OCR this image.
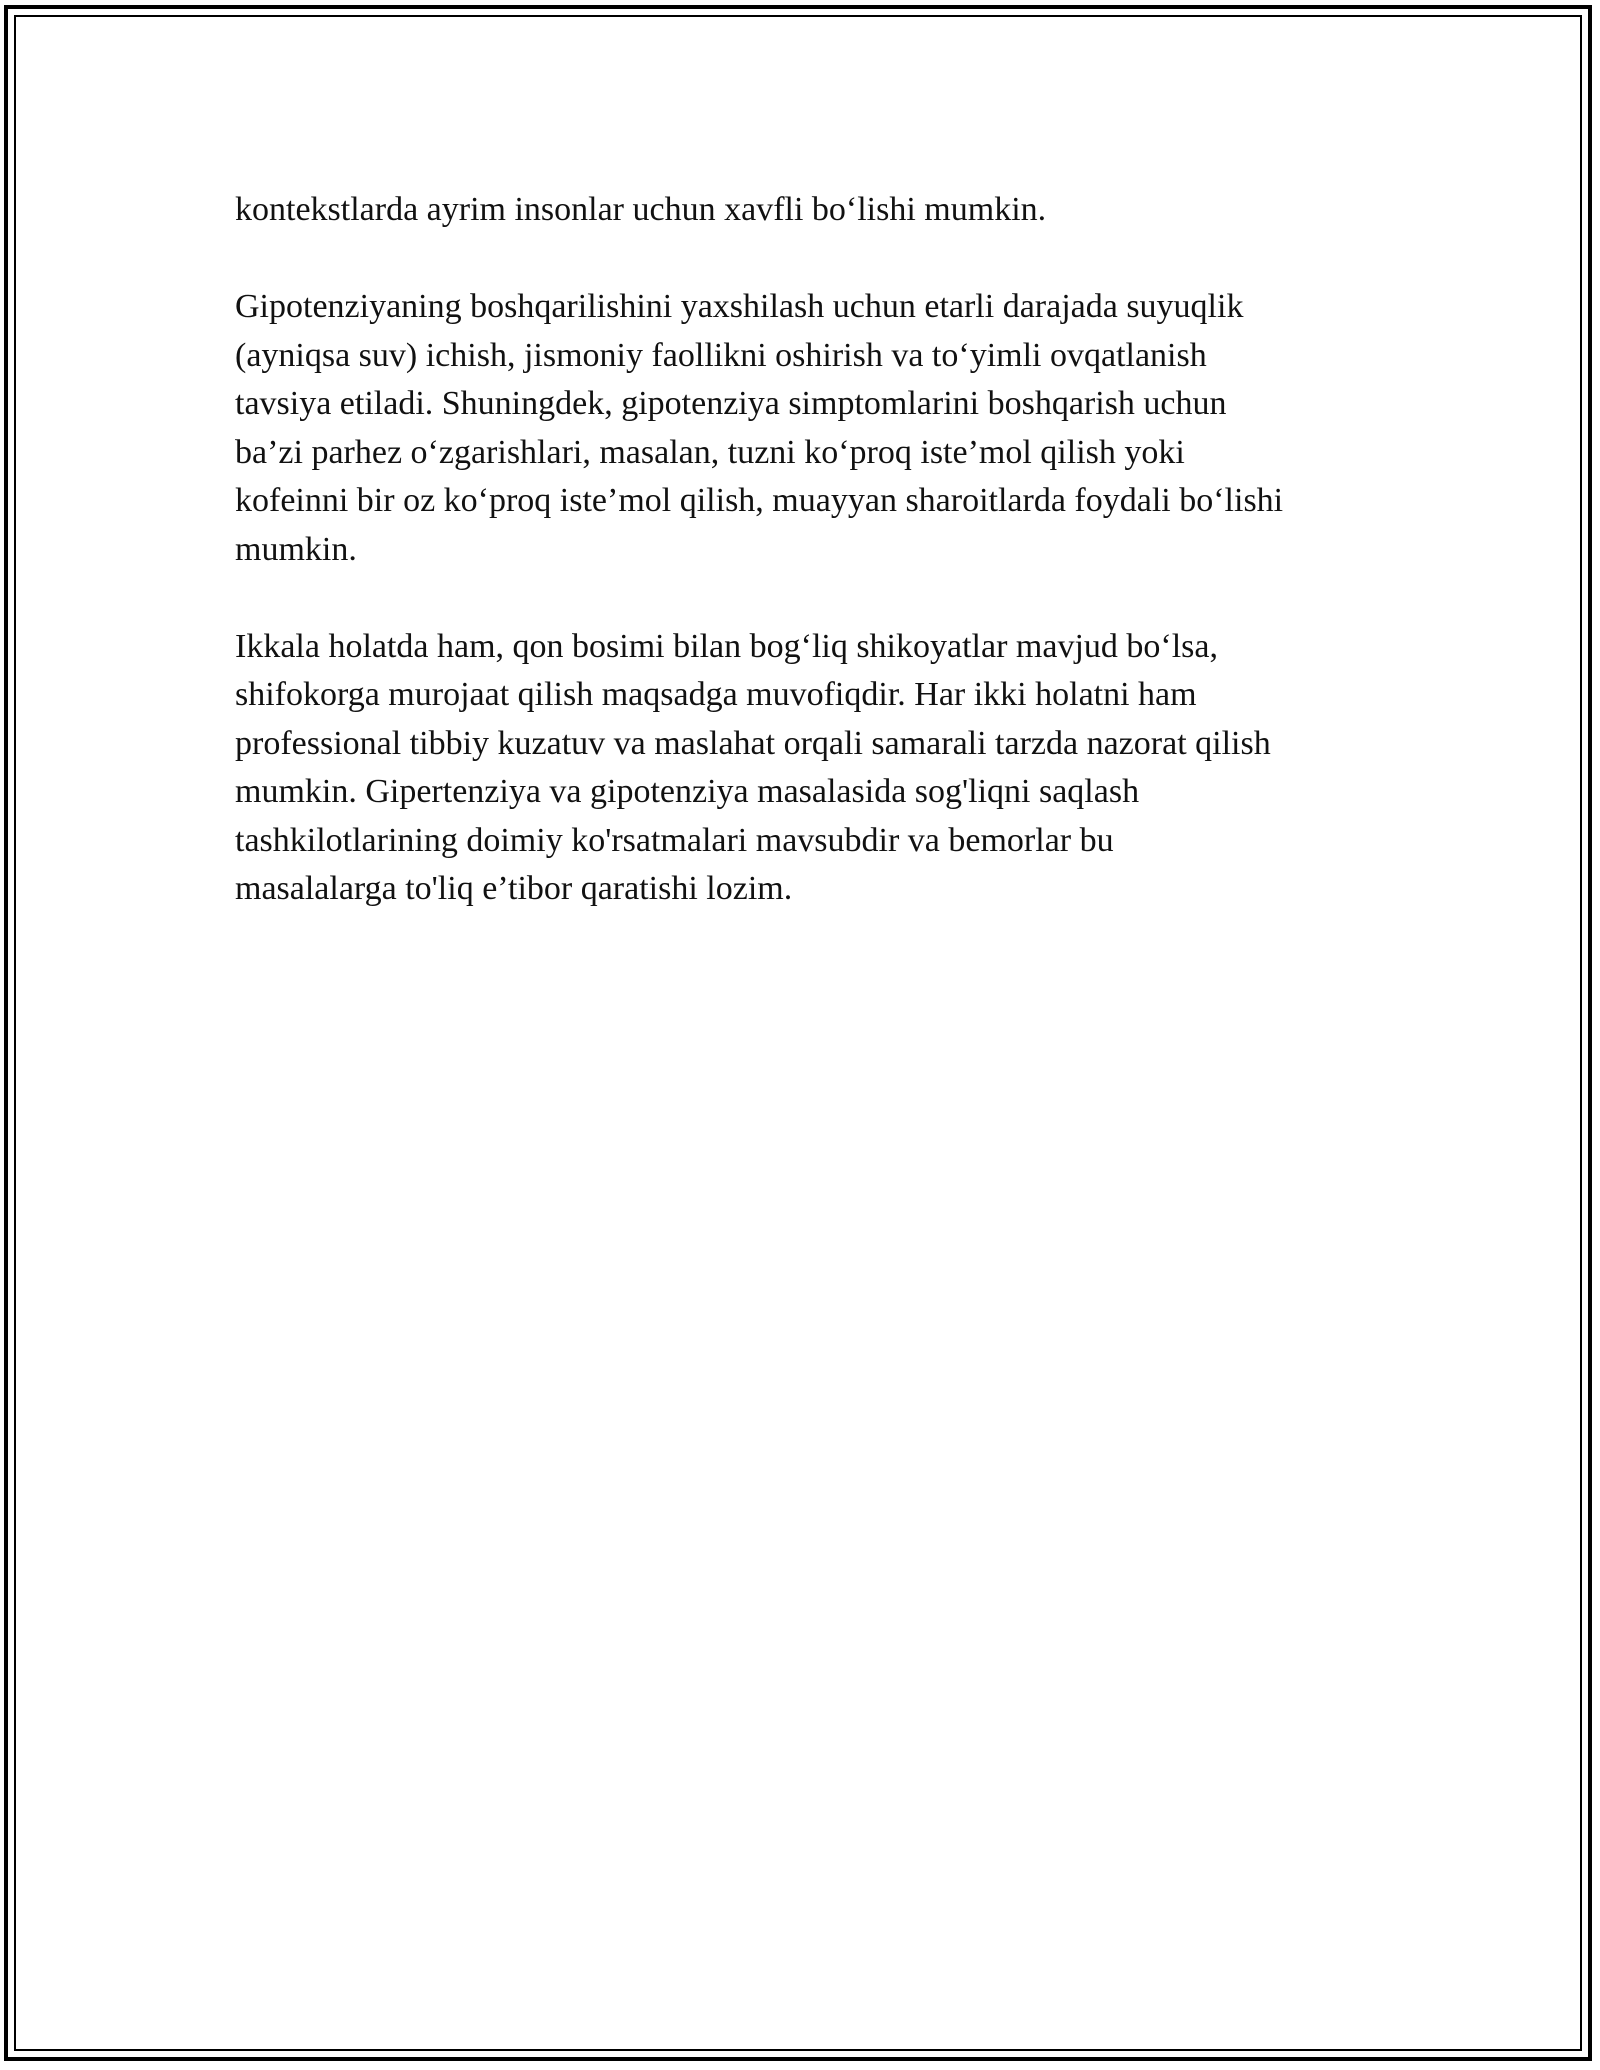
kontekstlarda ayrim insonlar uchun xavfli bo‘lishi mumkin.
Gipotenziyaning boshqarilishini yaxshilash uchun etarli darajada suyuqlik
(ayniqsa suv) ichish, jismoniy faollikni oshirish va to‘yimli ovqatlanish
tavsiya etiladi. Shuningdek, gipotenziya simptomlarini boshqarish uchun
ba’zi parhez o‘zgarishlari, masalan, tuzni ko‘proq iste’mol qilish yoki
kofeinni bir oz ko‘proq iste’mol qilish, muayyan sharoitlarda foydali bo‘lishi
mumkin.
Ikkala holatda ham, qon bosimi bilan bog‘liq shikoyatlar mavjud bo‘lsa,
shifokorga murojaat qilish maqsadga muvofiqdir. Har ikki holatni ham
professional tibbiy kuzatuv va maslahat orqali samarali tarzda nazorat qilish
mumkin. Gipertenziya va gipotenziya masalasida sog'liqni saqlash
tashkilotlarining doimiy ko'rsatmalari mavsubdir va bemorlar bu
masalalarga to'liq e’tibor qaratishi lozim.
